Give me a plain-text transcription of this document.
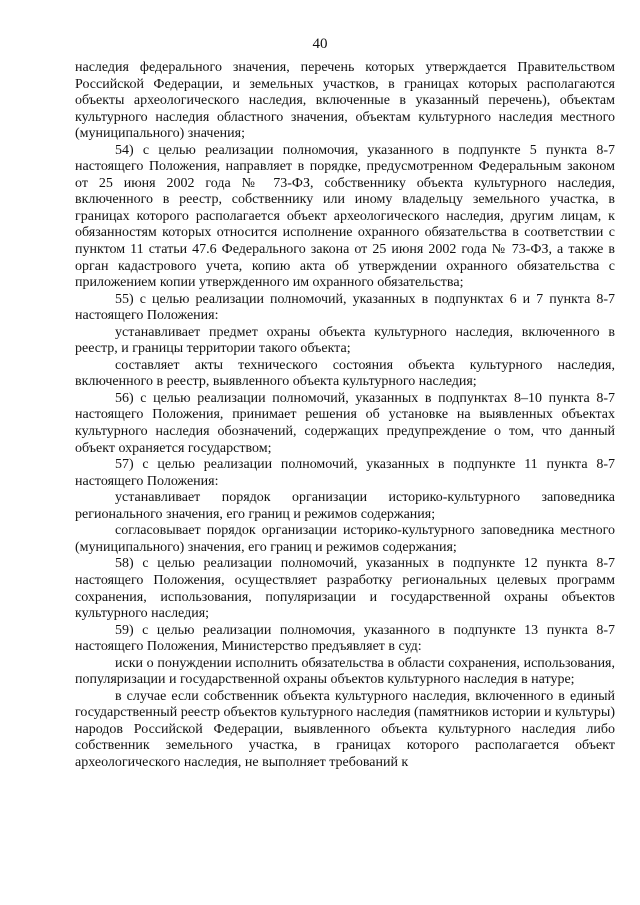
40

наследия федерального значения, перечень которых утверждается Правительством Российской Федерации, и земельных участков, в границах которых располагаются объекты археологического наследия, включенные в указанный перечень), объектам культурного наследия областного значения, объектам культурного наследия местного (муниципального) значения;

54) с целью реализации полномочия, указанного в подпункте 5 пункта 8-7 настоящего Положения, направляет в порядке, предусмотренном Федеральным законом от 25 июня 2002 года № 73-ФЗ, собственнику объекта культурного наследия, включенного в реестр, собственнику или иному владельцу земельного участка, в границах которого располагается объект археологического наследия, другим лицам, к обязанностям которых относится исполнение охранного обязательства в соответствии с пунктом 11 статьи 47.6 Федерального закона от 25 июня 2002 года № 73-ФЗ, а также в орган кадастрового учета, копию акта об утверждении охранного обязательства с приложением копии утвержденного им охранного обязательства;

55) с целью реализации полномочий, указанных в подпунктах 6 и 7 пункта 8-7 настоящего Положения:

устанавливает предмет охраны объекта культурного наследия, включенного в реестр, и границы территории такого объекта;

составляет акты технического состояния объекта культурного наследия, включенного в реестр, выявленного объекта культурного наследия;

56) с целью реализации полномочий, указанных в подпунктах 8–10 пункта 8-7 настоящего Положения, принимает решения об установке на выявленных объектах культурного наследия обозначений, содержащих предупреждение о том, что данный объект охраняется государством;

57) с целью реализации полномочий, указанных в подпункте 11 пункта 8-7 настоящего Положения:

устанавливает порядок организации историко-культурного заповедника регионального значения, его границ и режимов содержания;

согласовывает порядок организации историко-культурного заповедника местного (муниципального) значения, его границ и режимов содержания;

58) с целью реализации полномочий, указанных в подпункте 12 пункта 8-7 настоящего Положения, осуществляет разработку региональных целевых программ сохранения, использования, популяризации и государственной охраны объектов культурного наследия;

59) с целью реализации полномочия, указанного в подпункте 13 пункта 8-7 настоящего Положения, Министерство предъявляет в суд:

иски о понуждении исполнить обязательства в области сохранения, использования, популяризации и государственной охраны объектов культурного наследия в натуре;

в случае если собственник объекта культурного наследия, включенного в единый государственный реестр объектов культурного наследия (памятников истории и культуры) народов Российской Федерации, выявленного объекта культурного наследия либо собственник земельного участка, в границах которого располагается объект археологического наследия, не выполняет требований к
